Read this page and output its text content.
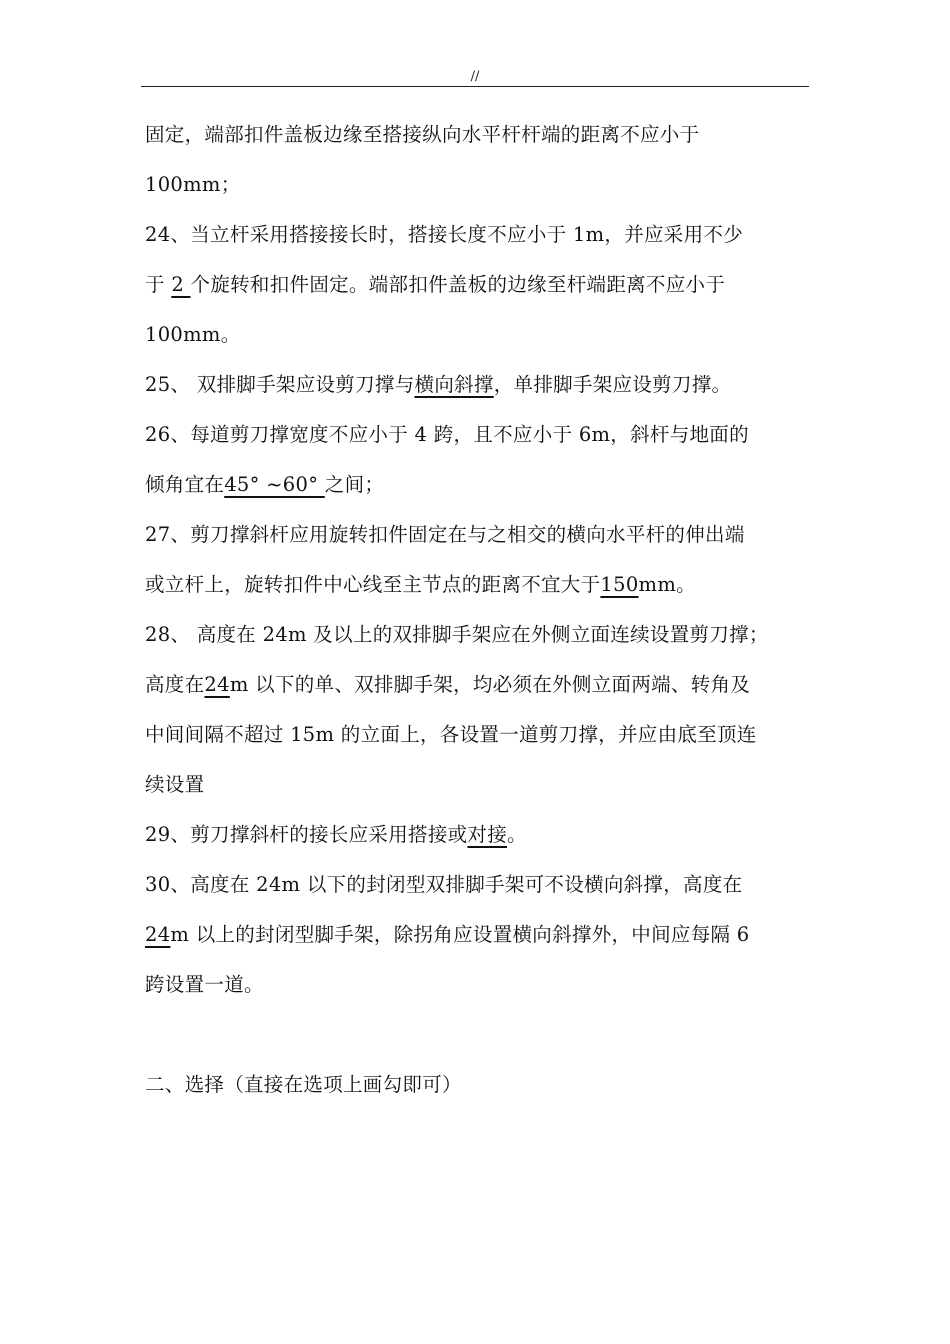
//
固定，端部扣件盖板边缘至搭接纵向水平杆杆端的距离不应小于
100mm；
24、当立杆采用搭接接长时，搭接长度不应小于 1m，并应采用不少
于 2 个旋转和扣件固定。端部扣件盖板的边缘至杆端距离不应小于
100mm。
25、 双排脚手架应设剪刀撑与横向斜撑，单排脚手架应设剪刀撑。
26、每道剪刀撑宽度不应小于 4 跨，且不应小于 6m，斜杆与地面的
倾角宜在45° ~60° 之间；
27、剪刀撑斜杆应用旋转扣件固定在与之相交的横向水平杆的伸出端
或立杆上，旋转扣件中心线至主节点的距离不宜大于150mm。
28、 高度在 24m 及以上的双排脚手架应在外侧立面连续设置剪刀撑；
高度在24m 以下的单、双排脚手架，均必须在外侧立面两端、转角及
中间间隔不超过 15m 的立面上，各设置一道剪刀撑，并应由底至顶连
续设置
29、剪刀撑斜杆的接长应采用搭接或对接。
30、高度在 24m 以下的封闭型双排脚手架可不设横向斜撑，高度在
24m 以上的封闭型脚手架，除拐角应设置横向斜撑外，中间应每隔 6
跨设置一道。
二、选择（直接在选项上画勾即可）
